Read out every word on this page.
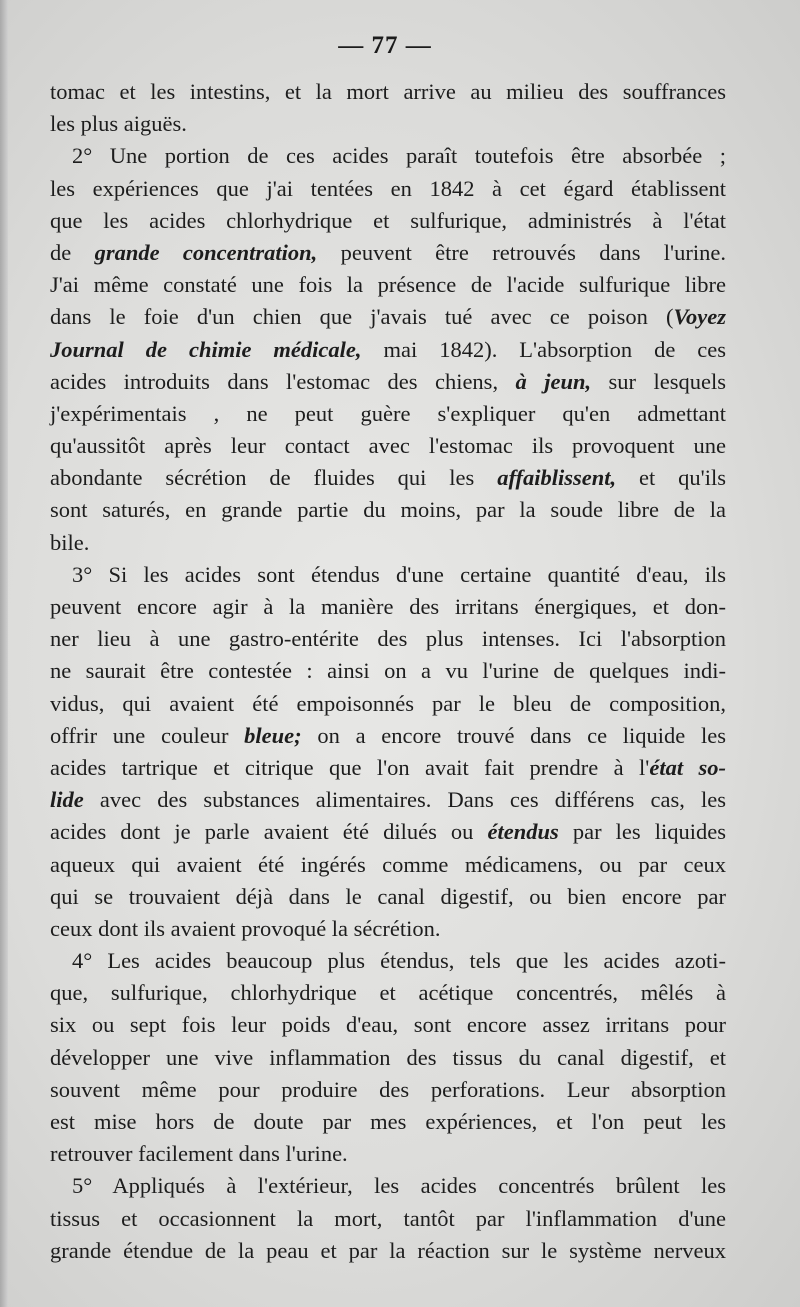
— 77 —
tomac et les intestins, et la mort arrive au milieu des souffrances
les plus aiguës.
2° Une portion de ces acides paraît toutefois être absorbée ;
les expériences que j'ai tentées en 1842 à cet égard établissent
que les acides chlorhydrique et sulfurique, administrés à l'état
de grande concentration, peuvent être retrouvés dans l'urine.
J'ai même constaté une fois la présence de l'acide sulfurique libre
dans le foie d'un chien que j'avais tué avec ce poison (Voyez
Journal de chimie médicale, mai 1842). L'absorption de ces
acides introduits dans l'estomac des chiens, à jeun, sur lesquels
j'expérimentais , ne peut guère s'expliquer qu'en admettant
qu'aussitôt après leur contact avec l'estomac ils provoquent une
abondante sécrétion de fluides qui les affaiblissent, et qu'ils
sont saturés, en grande partie du moins, par la soude libre de la
bile.
3° Si les acides sont étendus d'une certaine quantité d'eau, ils
peuvent encore agir à la manière des irritans énergiques, et don-
ner lieu à une gastro-entérite des plus intenses. Ici l'absorption
ne saurait être contestée : ainsi on a vu l'urine de quelques indi-
vidus, qui avaient été empoisonnés par le bleu de composition,
offrir une couleur bleue; on a encore trouvé dans ce liquide les
acides tartrique et citrique que l'on avait fait prendre à l'état so-
lide avec des substances alimentaires. Dans ces différens cas, les
acides dont je parle avaient été dilués ou étendus par les liquides
aqueux qui avaient été ingérés comme médicamens, ou par ceux
qui se trouvaient déjà dans le canal digestif, ou bien encore par
ceux dont ils avaient provoqué la sécrétion.
4° Les acides beaucoup plus étendus, tels que les acides azoti-
que, sulfurique, chlorhydrique et acétique concentrés, mêlés à
six ou sept fois leur poids d'eau, sont encore assez irritans pour
développer une vive inflammation des tissus du canal digestif, et
souvent même pour produire des perforations. Leur absorption
est mise hors de doute par mes expériences, et l'on peut les
retrouver facilement dans l'urine.
5° Appliqués à l'extérieur, les acides concentrés brûlent les
tissus et occasionnent la mort, tantôt par l'inflammation d'une
grande étendue de la peau et par la réaction sur le système nerveux
